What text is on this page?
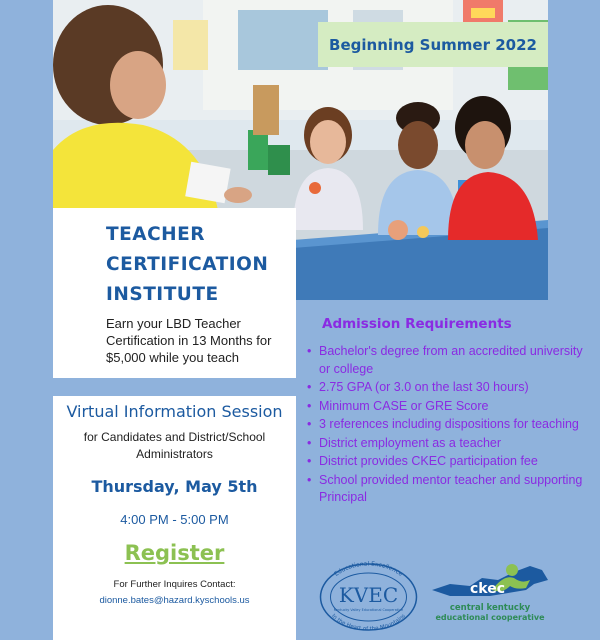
Beginning Summer 2022
TEACHER
CERTIFICATION
INSTITUTE

Earn your LBD Teacher Certification in 13 Months for $5,000 while you teach

Admission Requirements
• Bachelor's degree from an accredited university or college
• 2.75 GPA (or 3.0 on the last 30 hours)
• Minimum CASE or GRE Score
• 3 references including dispositions for teaching
• District employment as a teacher
• District provides CKEC participation fee
• School provided mentor teacher and supporting Principal
Virtual Information Session
for Candidates and District/School Administrators
Thursday, May 5th
4:00 PM - 5:00 PM
Register
For Further Inquires Contact:
dionne.bates@hazard.kyschools.us
Educational Excellence
In the Heart of the Mountains
KVEC
Kentucky Valley Educational Cooperative
ckec
central kentucky
educational cooperative
